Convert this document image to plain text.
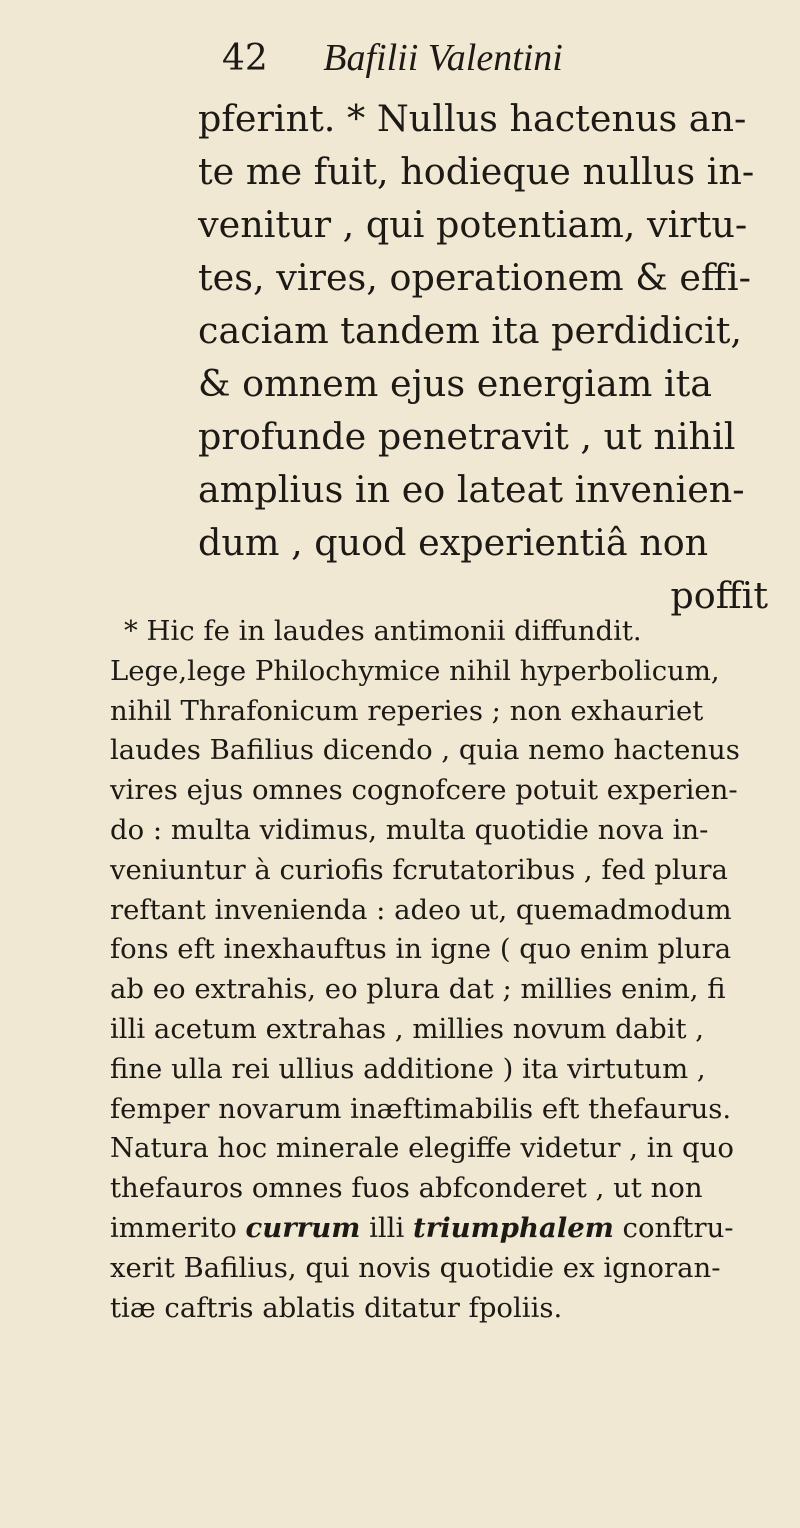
42 Bafilii Valentini
pferint. * Nullus hactenus an-
te me fuit, hodieque nullus in-
venitur , qui potentiam, virtu-
tes, vires, operationem & effi-
caciam tandem ita perdidicit,
& omnem ejus energiam ita
profunde penetravit , ut nihil
amplius in eo lateat invenien-
dum , quod experientiâ non
poffit
* Hic fe in laudes antimonii diffundit.
Lege,lege Philochymice nihil hyperbolicum,
nihil Thrafonicum reperies ; non exhauriet
laudes Bafilius dicendo , quia nemo hactenus
vires ejus omnes cognofcere potuit experien-
do : multa vidimus, multa quotidie nova in-
veniuntur à curiofis fcrutatoribus , fed plura
reftant invenienda : adeo ut, quemadmodum
fons eft inexhauftus in igne ( quo enim plura
ab eo extrahis, eo plura dat ; millies enim, fi
illi acetum extrahas , millies novum dabit ,
fine ulla rei ullius additione ) ita virtutum ,
femper novarum inæftimabilis eft thefaurus.
Natura hoc minerale elegiffe videtur , in quo
thefauros omnes fuos abfconderet , ut non
immerito currum illi triumphalem conftru-
xerit Bafilius, qui novis quotidie ex ignoran-
tiæ caftris ablatis ditatur fpoliis.
